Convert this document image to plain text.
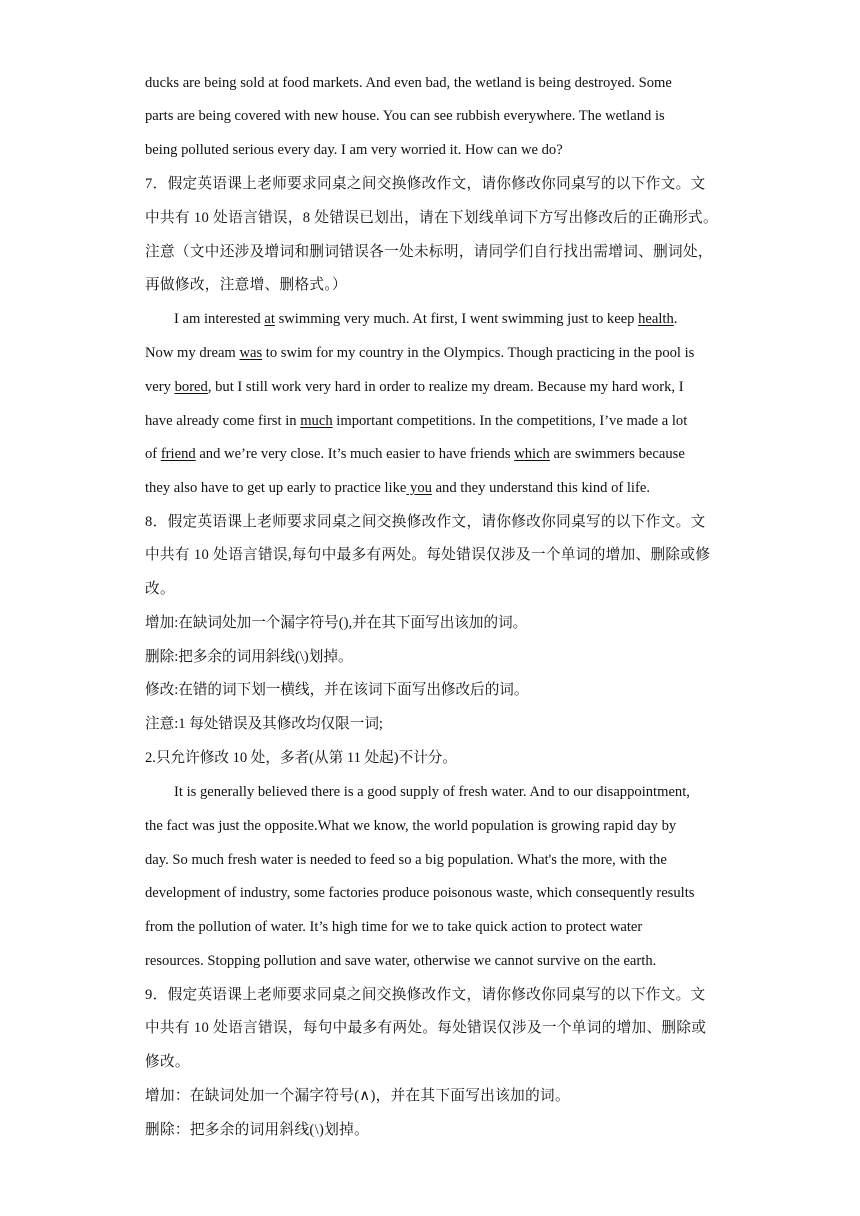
ducks are being sold at food markets. And even bad, the wetland is being destroyed. Some
parts are being covered with new house. You can see rubbish everywhere. The wetland is
being polluted serious every day. I am very worried it. How can we do?
7．假定英语课上老师要求同桌之间交换修改作文，请你修改你同桌写的以下作文。文
中共有 10 处语言错误，8 处错误已划出，请在下划线单词下方写出修改后的正确形式。
注意（文中还涉及增词和删词错误各一处未标明，请同学们自行找出需增词、删词处，
再做修改，注意增、删格式。）
I am interested at swimming very much. At first, I went swimming just to keep health.
Now my dream was to swim for my country in the Olympics. Though practicing in the pool is
very bored, but I still work very hard in order to realize my dream. Because my hard work, I
have already come first in much important competitions. In the competitions, I’ve made a lot
of friend and we’re very close. It’s much easier to have friends which are swimmers because
they also have to get up early to practice like you and they understand this kind of life.
8．假定英语课上老师要求同桌之间交换修改作文，请你修改你同桌写的以下作文。文
中共有 10 处语言错误,每句中最多有两处。每处错误仅涉及一个单词的增加、删除或修
改。
增加:在缺词处加一个漏字符号(),并在其下面写出该加的词。
删除:把多余的词用斜线(\)划掉。
修改:在错的词下划一横线，并在该词下面写出修改后的词。
注意:1 每处错误及其修改均仅限一词;
2.只允许修改 10 处，多者(从第 11 处起)不计分。
It is generally believed there is a good supply of fresh water. And to our disappointment,
the fact was just the opposite.What we know, the world population is growing rapid day by
day. So much fresh water is needed to feed so a big population. What's the more, with the
development of industry, some factories produce poisonous waste, which consequently results
from the pollution of water. It’s high time for we to take quick action to protect water
resources. Stopping pollution and save water, otherwise we cannot survive on the earth.
9．假定英语课上老师要求同桌之间交换修改作文，请你修改你同桌写的以下作文。文
中共有 10 处语言错误，每句中最多有两处。每处错误仅涉及一个单词的增加、删除或
修改。
增加：在缺词处加一个漏字符号(∧)，并在其下面写出该加的词。
删除：把多余的词用斜线(\)划掉。
